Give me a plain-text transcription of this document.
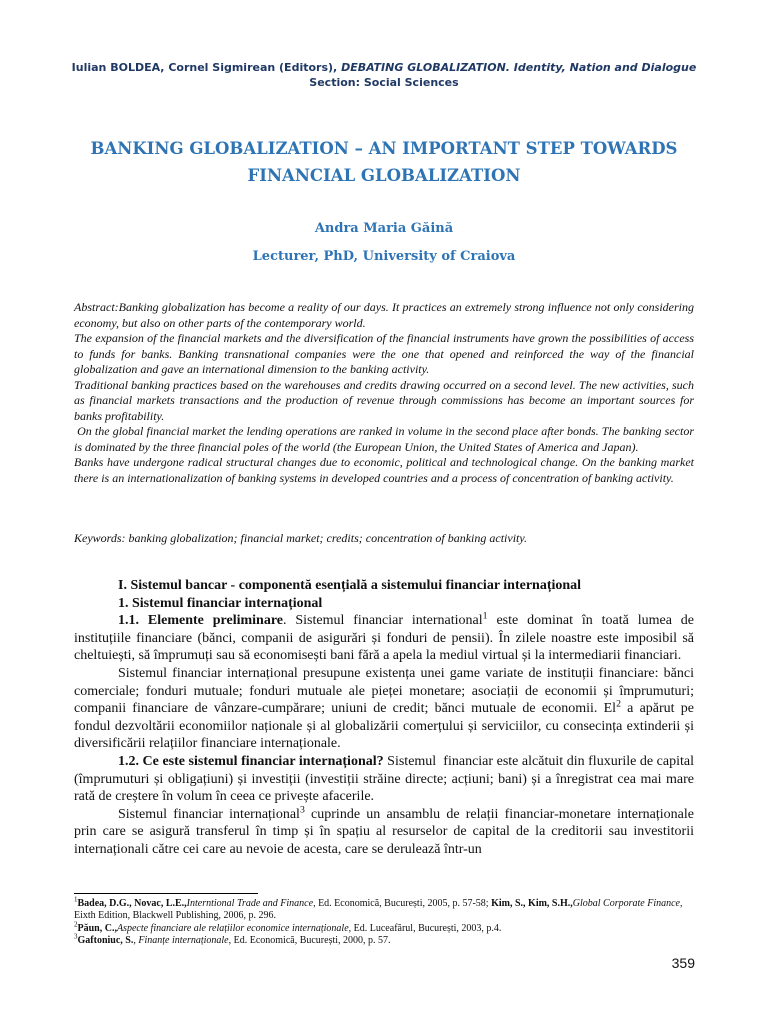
Iulian BOLDEA, Cornel Sigmirean (Editors), DEBATING GLOBALIZATION. Identity, Nation and Dialogue
Section: Social Sciences
BANKING GLOBALIZATION – AN IMPORTANT STEP TOWARDS
FINANCIAL GLOBALIZATION
Andra Maria Găină
Lecturer, PhD, University of Craiova

Abstract:Banking globalization has become a reality of our days. It practices an extremely strong influence not only considering economy, but also on other parts of the contemporary world.

The expansion of the financial markets and the diversification of the financial instruments have grown the possibilities of access to funds for banks. Banking transnational companies were the one that opened and reinforced the way of the financial globalization and gave an international dimension to the banking activity.

Traditional banking practices based on the warehouses and credits drawing occurred on a second level. The new activities, such as financial markets transactions and the production of revenue through commissions has become an important sources for banks profitability.

On the global financial market the lending operations are ranked in volume in the second place after bonds. The banking sector is dominated by the three financial poles of the world (the European Union, the United States of America and Japan).

Banks have undergone radical structural changes due to economic, political and technological change. On the banking market there is an internationalization of banking systems in developed countries and a process of concentration of banking activity.

Keywords: banking globalization; financial market; credits; concentration of banking activity.

I. Sistemul bancar - componentă esențială a sistemului financiar internațional

1. Sistemul financiar internațional

1.1. Elemente preliminare. Sistemul financiar international$^1$ este dominat în toată lumea de instituțiile financiare (bănci, companii de asigurări și fonduri de pensii). În zilele noastre este imposibil să cheltuiești, să împrumuți sau să economisești bani fără a apela la mediul virtual și la intermediarii financiari.

Sistemul financiar internațional presupune existența unei game variate de instituții financiare: bănci comerciale; fonduri mutuale; fonduri mutuale ale pieței monetare; asociații de economii și împrumuturi; companii financiare de vânzare-cumpărare; uniuni de credit; bănci mutuale de economii. El$^2$ a apărut pe fondul dezvoltării economiilor naționale și al globalizării comerțului și serviciilor, cu consecința extinderii și diversificării relațiilor financiare internaționale.

1.2. Ce este sistemul financiar internațional? Sistemul  financiar este alcătuit din fluxurile de capital (împrumuturi și obligațiuni) și investiții (investiții străine directe; acțiuni; bani) și a înregistrat cea mai mare rată de creștere în volum în ceea ce privește afacerile.

Sistemul financiar internațional$^3$ cuprinde un ansamblu de relații financiar-monetare internaționale prin care se asigură transferul în timp și în spațiu al resurselor de capital de la creditorii sau investitorii internaționali către cei care au nevoie de acesta, care se derulează într-un

$^1$Badea, D.G., Novac, L.E.,Interntional Trade and Finance, Ed. Economică, București, 2005, p. 57-58; Kim, S., Kim, S.H.,Global Corporate Finance, Eixth Edition, Blackwell Publishing, 2006, p. 296.

$^2$Păun, C.,Aspecte financiare ale relațiilor economice internaționale, Ed. Luceafărul, București, 2003, p.4.

$^3$Gaftoniuc, S., Finanțe internaționale, Ed. Economică, București, 2000, p. 57.

359
